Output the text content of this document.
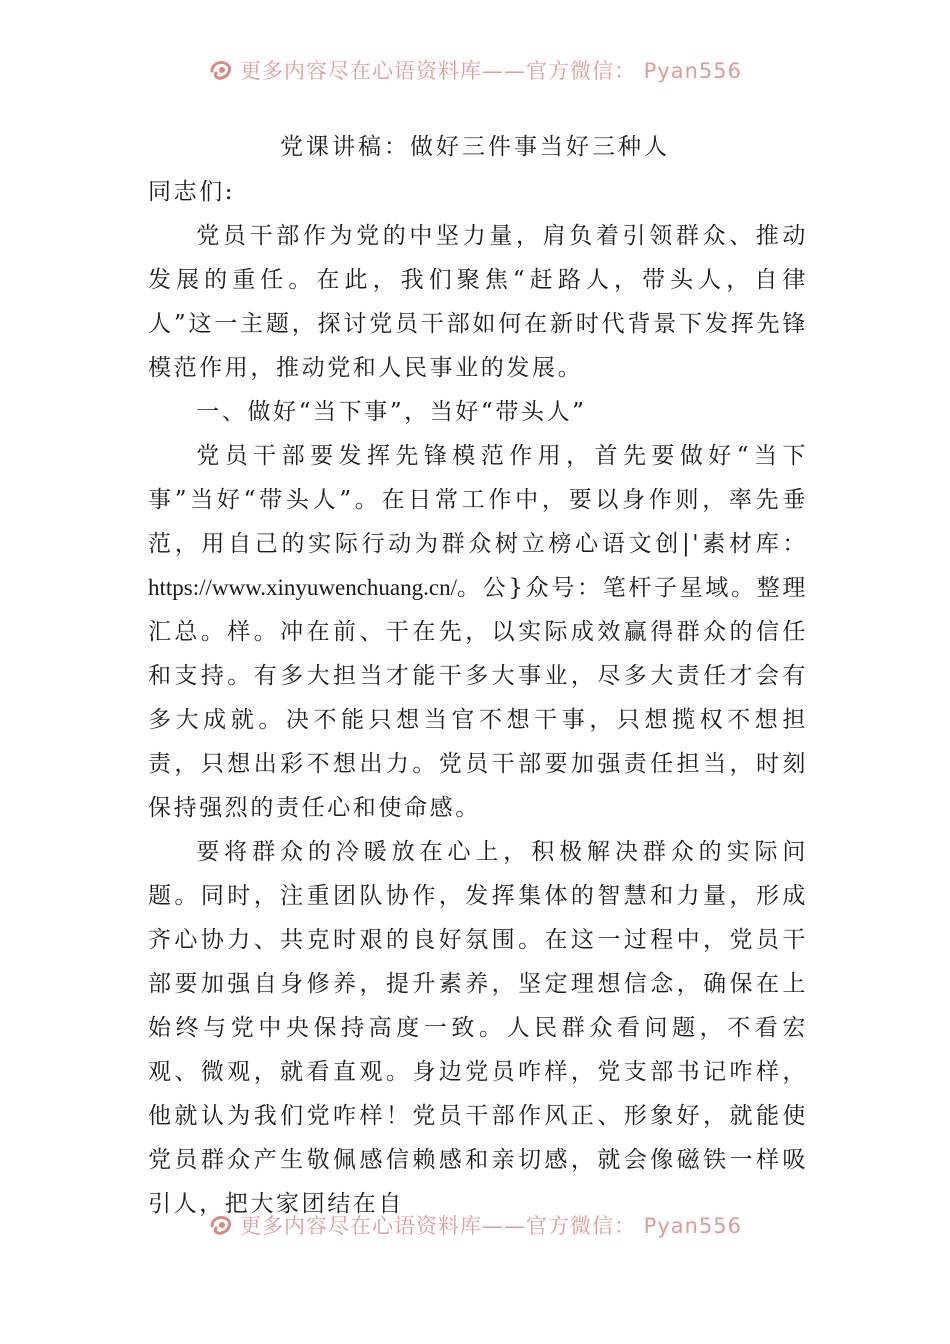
更多内容尽在心语资料库——官方微信： Pyan556
党课讲稿：做好三件事当好三种人

同志们:

党员干部作为党的中坚力量，肩负着引领群众、推动发展的重任。在此，我们聚焦“赶路人，带头人，自律人”这一主题，探讨党员干部如何在新时代背景下发挥先锋模范作用，推动党和人民事业的发展。

一、做好“当下事”，当好“带头人”

党员干部要发挥先锋模范作用，首先要做好“当下事”当好“带头人”。在日常工作中，要以身作则，率先垂范，用自己的实际行动为群众树立榜心语文创|'素材库：https://www.xinyuwenchuang.cn/。公}众号：笔杆子星域。整理汇总。样。冲在前、干在先，以实际成效赢得群众的信任和支持。有多大担当才能干多大事业，尽多大责任才会有多大成就。决不能只想当官不想干事，只想揽权不想担责，只想出彩不想出力。党员干部要加强责任担当，时刻保持强烈的责任心和使命感。

要将群众的冷暖放在心上，积极解决群众的实际问题。同时，注重团队协作，发挥集体的智慧和力量，形成齐心协力、共克时艰的良好氛围。在这一过程中，党员干部要加强自身修养，提升素养，坚定理想信念，确保在上始终与党中央保持高度一致。人民群众看问题，不看宏观、微观，就看直观。身边党员咋样，党支部书记咋样，他就认为我们党咋样！党员干部作风正、形象好，就能使党员群众产生敬佩感信赖感和亲切感，就会像磁铁一样吸引人，把大家团结在自

更多内容尽在心语资料库——官方微信： Pyan556
